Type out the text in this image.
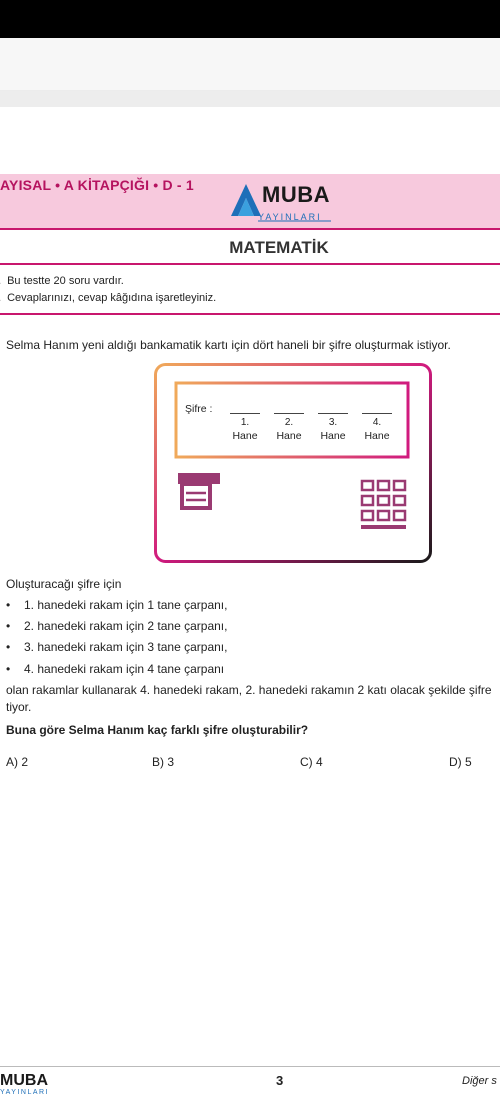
AYISAL • A KİTAPÇIĞI • D - 1	MUBA
YAYINLARI
MATEMATİK
Bu testte 20 soru vardır.
Cevaplarınızı, cevap kâğıdına işaretleyiniz.
Selma Hanım yeni aldığı bankamatik kartı için dört haneli bir şifre oluşturmak istiyor.
Şifre :
1.	2.	3.	4.
Hane	Hane	Hane	Hane
Oluşturacağı şifre için
• 1. hanedeki rakam için 1 tane çarpanı,
• 2. hanedeki rakam için 2 tane çarpanı,
• 3. hanedeki rakam için 3 tane çarpanı,
• 4. hanedeki rakam için 4 tane çarpanı
olan rakamlar kullanarak 4. hanedeki rakam, 2. hanedeki rakamın 2 katı olacak şekilde şifre
tiyor.
Buna göre Selma Hanım kaç farklı şifre oluşturabilir?
A) 2	B) 3	C) 4	D) 5
MUBA
YAYINLARI
3	Diğer s
